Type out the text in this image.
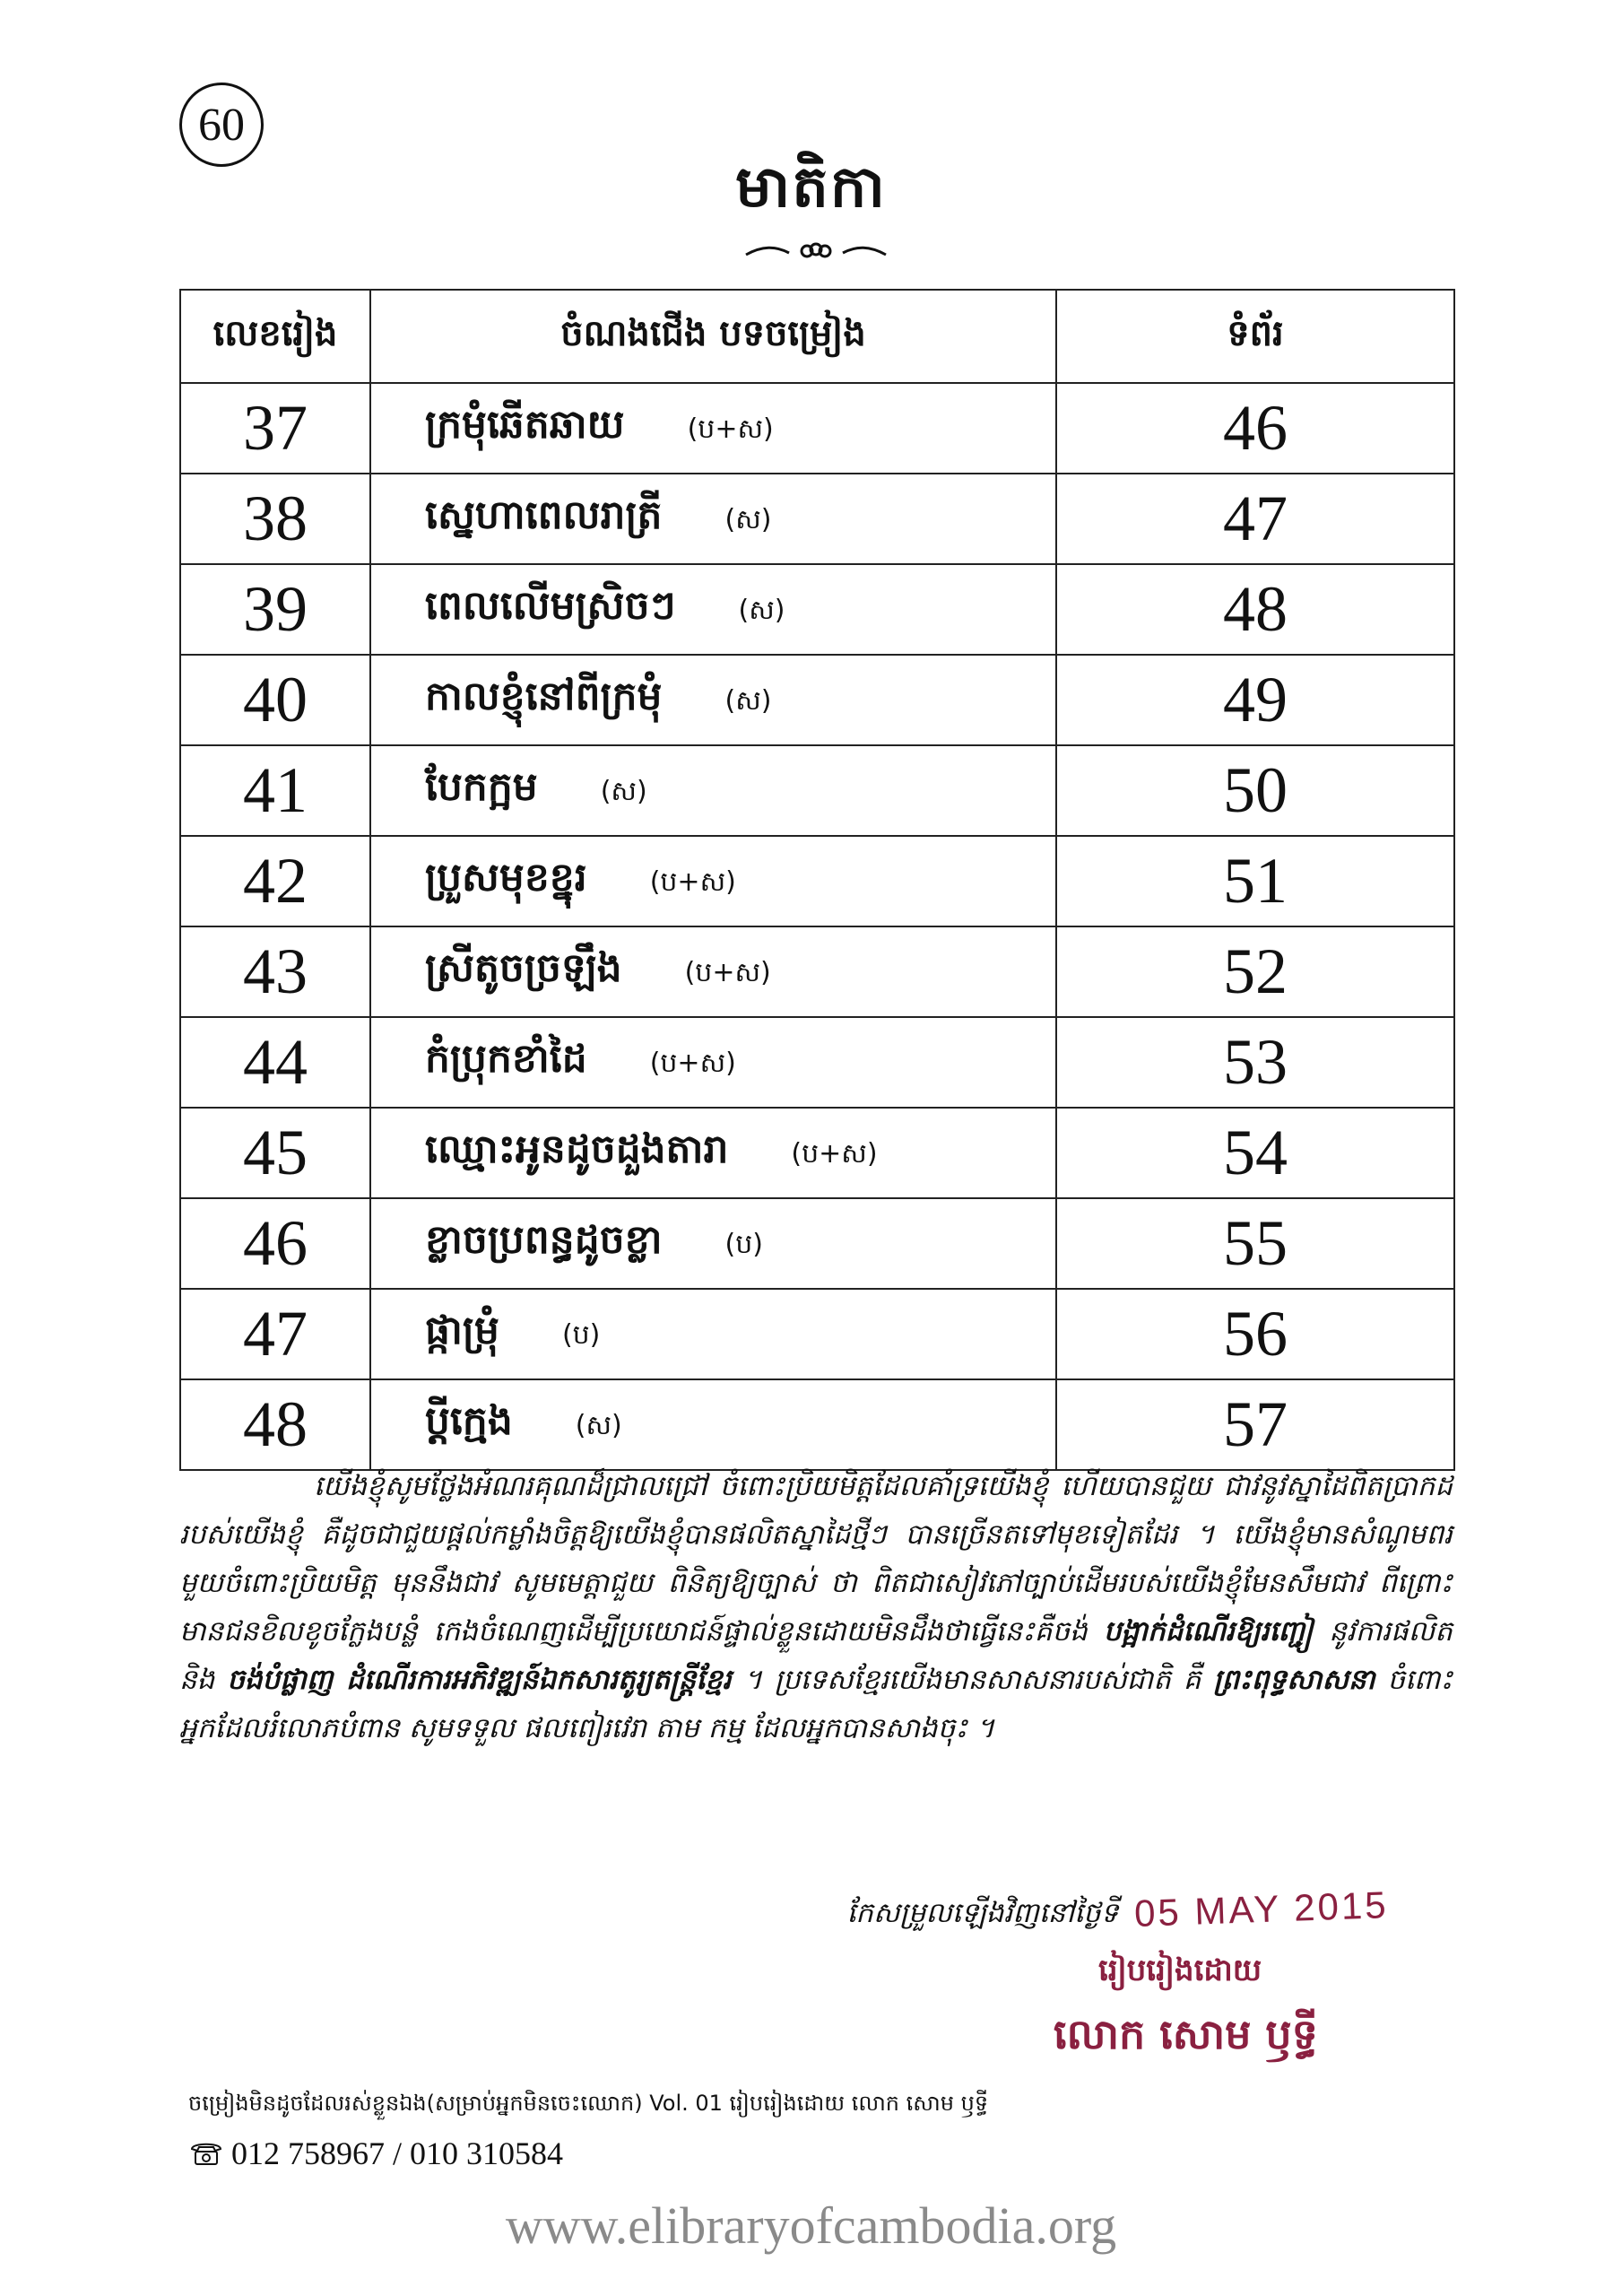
60
មាតិកា
លេខរៀង	ចំណងជើង បទចម្រៀង	ទំព័រ
37	ក្រមុំឆើតឆាយ (ប+ស)	46
38	ស្នេហាពេលរាត្រី (ស)	47
39	ពេលលើមស្រិចៗ (ស)	48
40	កាលខ្ញុំនៅពីក្រមុំ (ស)	49
41	បែកក្អម (ស)	50
42	ប្រួសមុខខ្នុរ (ប+ស)	51
43	ស្រីតូចច្រឡឹង (ប+ស)	52
44	កំប្រុកខាំដៃ (ប+ស)	53
45	ឈ្មោះអូនដូចដួងតារា (ប+ស)	54
46	ខ្លាចប្រពន្ធដូចខ្លា (ប)	55
47	ផ្កាម្រុំ (ប)	56
48	ប្ដីក្មេង (ស)	57
យើងខ្ញុំសូមថ្លែងអំណរគុណដ៏ជ្រាលជ្រៅ ចំពោះប្រិយមិត្តដែលគាំទ្រយើងខ្ញុំ ហើយបានជួយ ជាវនូវស្នាដៃពិតប្រាកដរបស់យើងខ្ញុំ គឺដូចជាជួយផ្ដល់កម្លាំងចិត្តឱ្យយើងខ្ញុំបានផលិតស្នាដៃថ្មីៗ បានច្រើនតទៅមុខទៀតដែរ ។ យើងខ្ញុំមានសំណូមពរមួយចំពោះប្រិយមិត្ត មុននឹងជាវ សូមមេត្តាជួយ ពិនិត្យឱ្យច្បាស់ ថា ពិតជាសៀវភៅច្បាប់ដើមរបស់យើងខ្ញុំមែនសឹមជាវ ពីព្រោះមានជនខិលខូចក្លែងបន្លំ កេងចំណេញដើម្បីប្រយោជន៍ផ្ទាល់ខ្លួនដោយមិនដឹងថាធ្វើនេះគឺចង់ បង្អាក់ដំណើរឱ្យរញ្ជៀ នូវការផលិត និង ចង់បំផ្លាញ ដំណើរការអភិវឌ្ឍន៍ឯកសារតូរ្យតន្ត្រីខ្មែរ ។ ប្រទេសខ្មែរយើងមានសាសនារបស់ជាតិ គឺ ព្រះពុទ្ធសាសនា ចំពោះអ្នកដែលរំលោភបំពាន សូមទទួល ផលពៀរវេរា តាម កម្ម ដែលអ្នកបានសាងចុះ ។
កែសម្រួលឡើងវិញនៅថ្ងៃទី 05 MAY 2015
រៀបរៀងដោយ
លោក សោម ឫទ្ធី
ចម្រៀងមិនដូចដែលរស់ខ្លួនឯង(សម្រាប់អ្នកមិនចេះឈោក) Vol. 01 រៀបរៀងដោយ លោក សោម ឫទ្ធី
012 758967 / 010 310584
www.elibraryofcambodia.org
